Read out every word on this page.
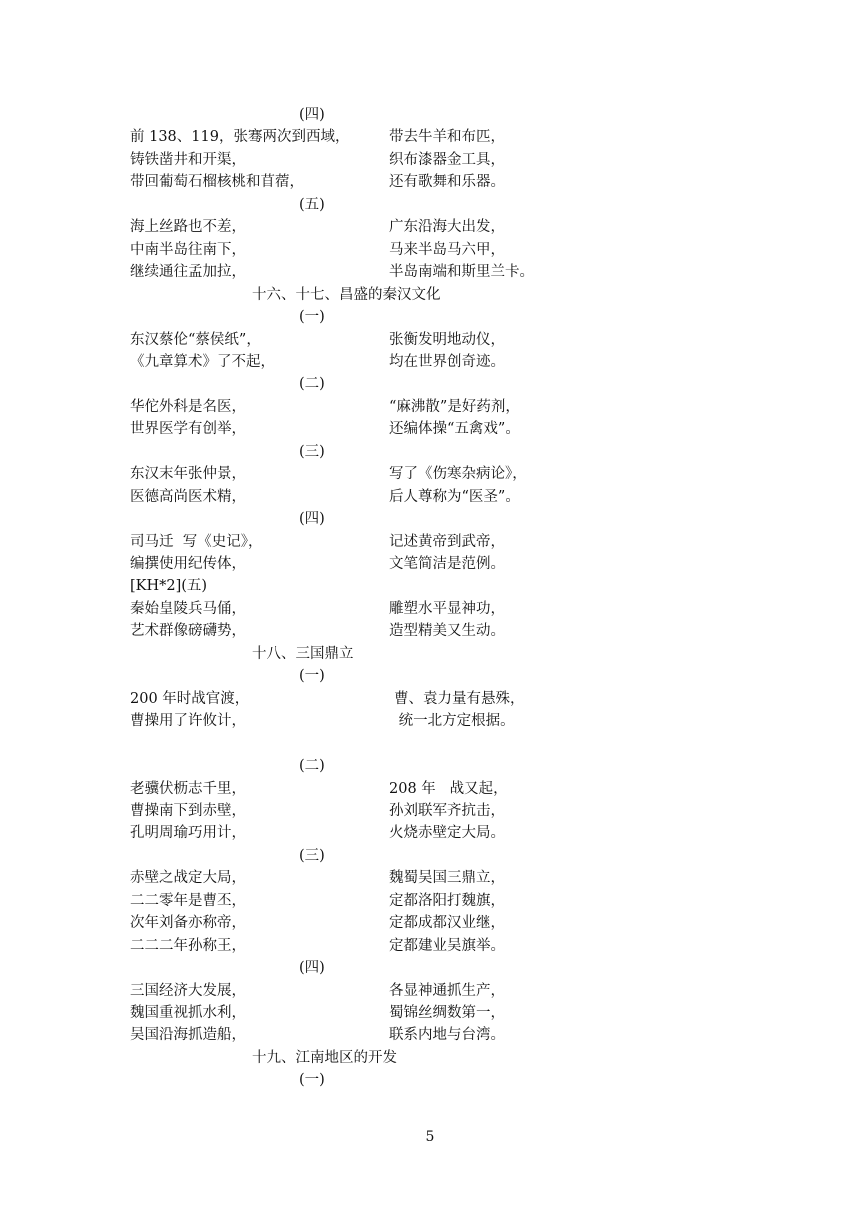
(四)
前 138、119，张骞两次到西域，	带去牛羊和布匹，
铸铁凿井和开渠，	织布漆器金工具，
带回葡萄石榴核桃和苜蓿，	还有歌舞和乐器。
(五)
海上丝路也不差，	广东沿海大出发，
中南半岛往南下，	马来半岛马六甲，
继续通往孟加拉，	半岛南端和斯里兰卡。
十六、十七、昌盛的秦汉文化
(一)
东汉蔡伦“蔡侯纸”，	张衡发明地动仪，
《九章算术》了不起，	均在世界创奇迹。
(二)
华佗外科是名医，	“麻沸散”是好药剂，
世界医学有创举，	还编体操“五禽戏”。
(三)
东汉末年张仲景，	写了《伤寒杂病论》，
医德高尚医术精，	后人尊称为“医圣”。
(四)
司马迁  写《史记》，	记述黄帝到武帝，
编撰使用纪传体，	文笔简洁是范例。
[KH*2](五)
秦始皇陵兵马俑，	雕塑水平显神功，
艺术群像磅礴势，	造型精美又生动。
十八、三国鼎立
(一)
200 年时战官渡，	曹、袁力量有悬殊，
曹操用了许攸计，	统一北方定根据。
(二)
老骥伏枥志千里，	208 年   战又起，
曹操南下到赤壁，	孙刘联军齐抗击，
孔明周瑜巧用计，	火烧赤壁定大局。
(三)
赤壁之战定大局，	魏蜀吴国三鼎立，
二二零年是曹丕，	定都洛阳打魏旗，
次年刘备亦称帝，	定都成都汉业继，
二二二年孙称王，	定都建业吴旗举。
(四)
三国经济大发展，	各显神通抓生产，
魏国重视抓水利，	蜀锦丝绸数第一，
吴国沿海抓造船，	联系内地与台湾。
十九、江南地区的开发
(一)
5
